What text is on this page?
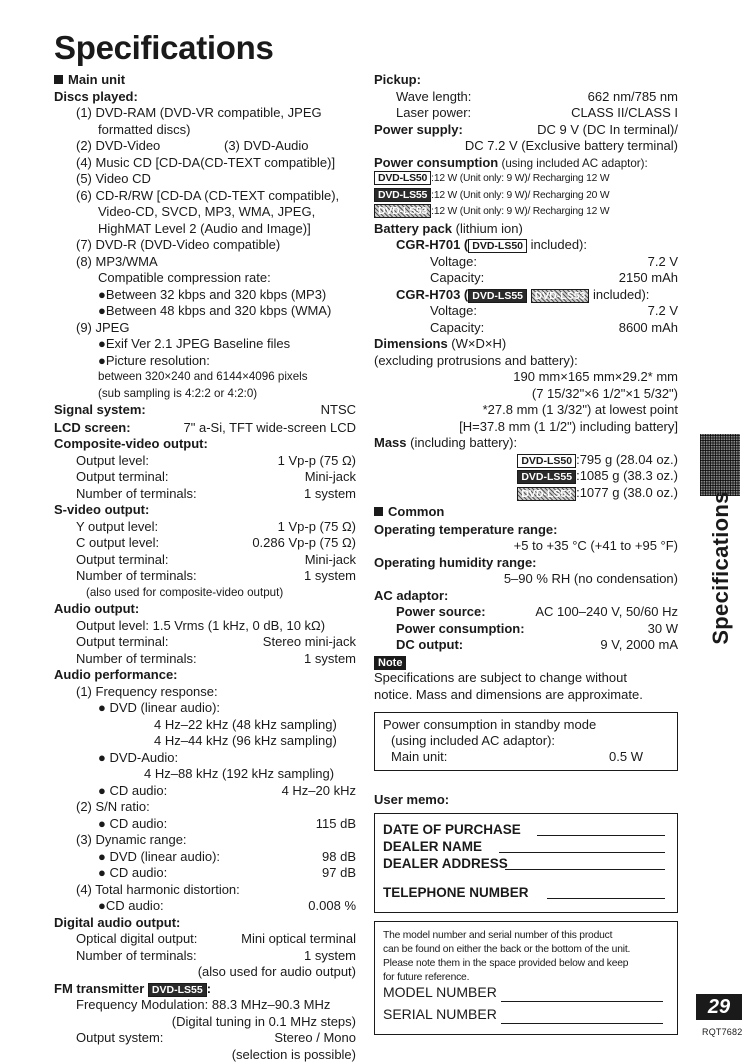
Specifications
Main unit
Discs played:
(1) DVD-RAM (DVD-VR compatible, JPEG
formatted discs)
(2) DVD-Video	(3) DVD-Audio
(4) Music CD [CD-DA(CD-TEXT compatible)]
(5) Video CD
(6) CD-R/RW [CD-DA (CD-TEXT compatible),
Video-CD, SVCD, MP3, WMA, JPEG,
HighMAT Level 2 (Audio and Image)]
(7) DVD-R (DVD-Video compatible)
(8) MP3/WMA
Compatible compression rate:
●Between 32 kbps and 320 kbps (MP3)
●Between 48 kbps and 320 kbps (WMA)
(9) JPEG
●Exif Ver 2.1 JPEG Baseline files
●Picture resolution:
between 320×240 and 6144×4096 pixels
(sub sampling is 4:2:2 or 4:2:0)
Signal system:	NTSC
LCD screen:	7" a-Si, TFT wide-screen LCD
Composite-video output:
Output level:	1 Vp-p (75 Ω)
Output terminal:	Mini-jack
Number of terminals:	1 system
S-video output:
Y output level:	1 Vp-p (75 Ω)
C output level:	0.286 Vp-p (75 Ω)
Output terminal:	Mini-jack
Number of terminals:	1 system
(also used for composite-video output)
Audio output:
Output level: 1.5 Vrms (1 kHz, 0 dB, 10 kΩ)
Output terminal:	Stereo mini-jack
Number of terminals:	1 system
Audio performance:
(1) Frequency response:
● DVD (linear audio):
4 Hz–22 kHz (48 kHz sampling)
4 Hz–44 kHz (96 kHz sampling)
● DVD-Audio:
4 Hz–88 kHz (192 kHz sampling)
● CD audio:	4 Hz–20 kHz
(2) S/N ratio:
● CD audio:	115 dB
(3) Dynamic range:
● DVD (linear audio):	98 dB
● CD audio:	97 dB
(4) Total harmonic distortion:
●CD audio:	0.008 %
Digital audio output:
Optical digital output:	Mini optical terminal
Number of terminals:	1 system
(also used for audio output)
FM transmitter DVD-LS55 :
Frequency Modulation: 88.3 MHz–90.3 MHz
(Digital tuning in 0.1 MHz steps)
Output system:	Stereo / Mono
(selection is possible)
Pickup:
Wave length:	662 nm/785 nm
Laser power:	CLASS II/CLASS I
Power supply:	DC 9 V (DC In terminal)/
DC 7.2 V (Exclusive battery terminal)
Power consumption (using included AC adaptor):
DVD-LS50 :12 W (Unit only: 9 W)/ Recharging 12 W
DVD-LS55 :12 W (Unit only: 9 W)/ Recharging 20 W
DVD-LS53 :12 W (Unit only: 9 W)/ Recharging 12 W
Battery pack (lithium ion)
CGR-H701 ( DVD-LS50 included):
Voltage:	7.2 V
Capacity:	2150 mAh
CGR-H703 ( DVD-LS55 DVD-LS53 included):
Voltage:	7.2 V
Capacity:	8600 mAh
Dimensions (W×D×H)
(excluding protrusions and battery):
190 mm×165 mm×29.2* mm
(7 15/32"×6 1/2"×1 5/32")
*27.8 mm (1 3/32") at lowest point
[H=37.8 mm (1 1/2") including battery]
Mass (including battery):
DVD-LS50 :795 g (28.04 oz.)
DVD-LS55 :1085 g (38.3 oz.)
DVD-LS53 :1077 g (38.0 oz.)
Common
Operating temperature range:
+5 to +35 °C (+41 to +95 °F)
Operating humidity range:
5–90 % RH (no condensation)
AC adaptor:
Power source:	AC 100–240 V, 50/60 Hz
Power consumption:	30 W
DC output:	9 V, 2000 mA
Note
Specifications are subject to change without
notice. Mass and dimensions are approximate.
Power consumption in standby mode
(using included AC adaptor):
Main unit:	0.5 W
User memo:
DATE OF PURCHASE
DEALER NAME
DEALER ADDRESS
TELEPHONE NUMBER
The model number and serial number of this product
can be found on either the back or the bottom of the unit.
Please note them in the space provided below and keep
for future reference.
MODEL NUMBER
SERIAL NUMBER
Specifications
29
RQT7682
